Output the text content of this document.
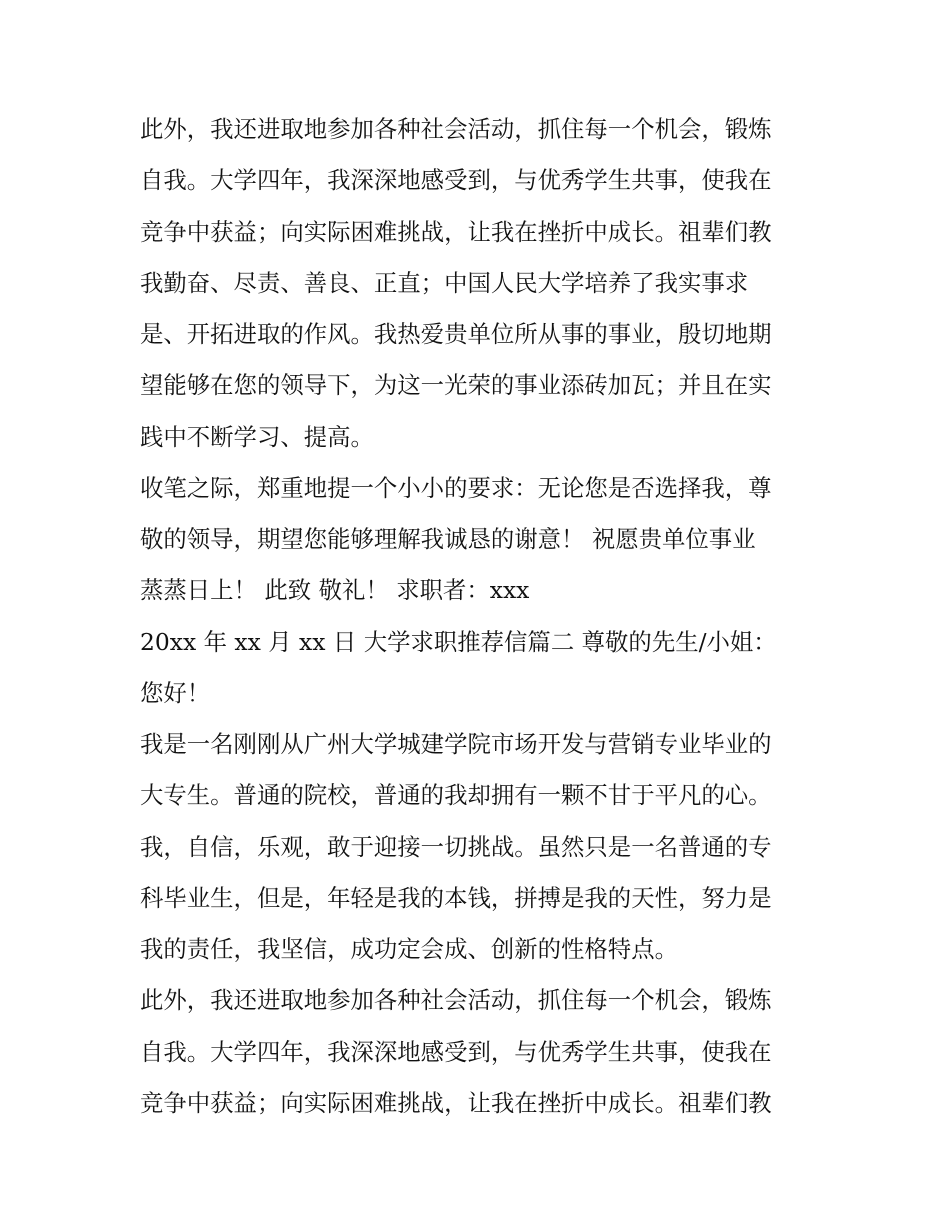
此外，我还进取地参加各种社会活动，抓住每一个机会，锻炼
自我。大学四年，我深深地感受到，与优秀学生共事，使我在
竞争中获益；向实际困难挑战，让我在挫折中成长。祖辈们教
我勤奋、尽责、善良、正直；中国人民大学培养了我实事求
是、开拓进取的作风。我热爱贵单位所从事的事业，殷切地期
望能够在您的领导下，为这一光荣的事业添砖加瓦；并且在实
践中不断学习、提高。
收笔之际，郑重地提一个小小的要求：无论您是否选择我，尊
敬的领导，期望您能够理解我诚恳的谢意！ 祝愿贵单位事业
蒸蒸日上！ 此致 敬礼！ 求职者：xxx
20xx 年 xx 月 xx 日 大学求职推荐信篇二 尊敬的先生/小姐：
您好！
我是一名刚刚从广州大学城建学院市场开发与营销专业毕业的
大专生。普通的院校，普通的我却拥有一颗不甘于平凡的心。
我，自信，乐观，敢于迎接一切挑战。虽然只是一名普通的专
科毕业生，但是，年轻是我的本钱，拼搏是我的天性，努力是
我的责任，我坚信，成功定会成、创新的性格特点。
此外，我还进取地参加各种社会活动，抓住每一个机会，锻炼
自我。大学四年，我深深地感受到，与优秀学生共事，使我在
竞争中获益；向实际困难挑战，让我在挫折中成长。祖辈们教
